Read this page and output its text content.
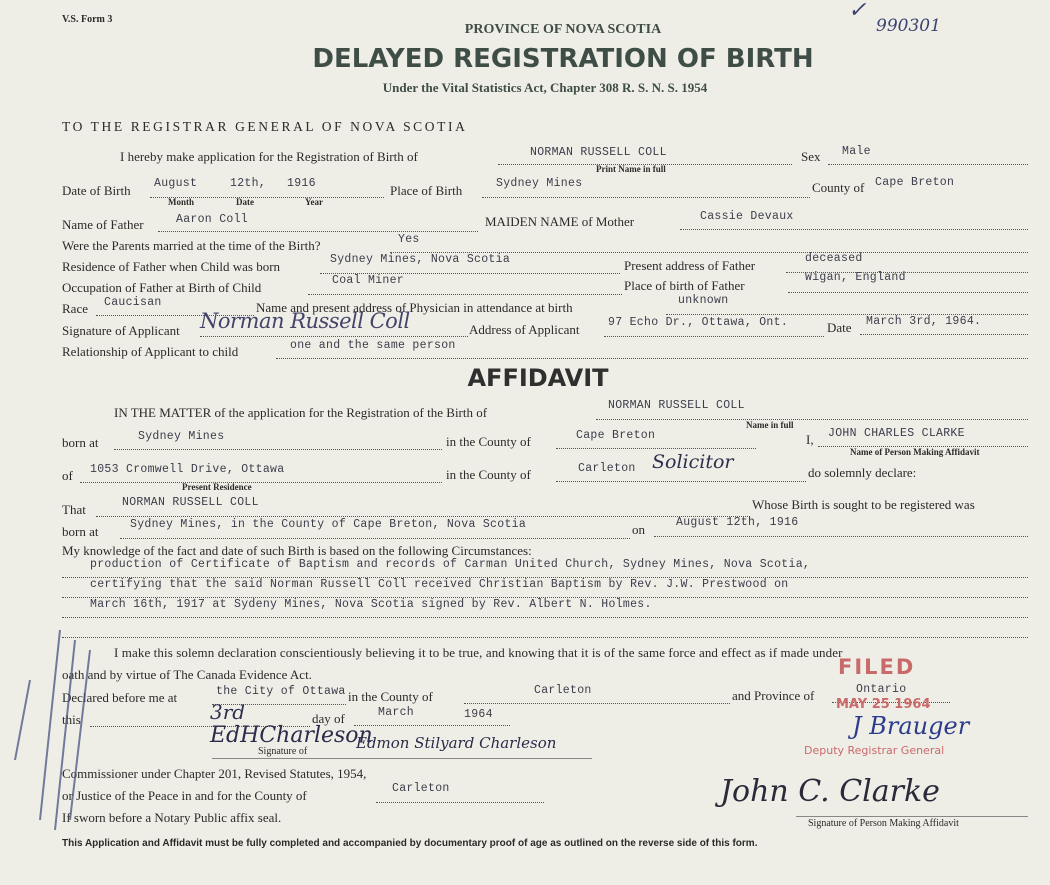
V.S. Form 3	990301
✓
PROVINCE OF NOVA SCOTIA
DELAYED REGISTRATION OF BIRTH
Under the Vital Statistics Act, Chapter 308 R. S. N. S. 1954
TO THE REGISTRAR GENERAL OF NOVA SCOTIA
I hereby make application for the Registration of Birth of	NORMAN RUSSELL COLL
Print Name in full
Sex Male
Date of Birth August	12th, 1916
Month	Date	Year
Place of Birth	Sydney Mines	County of Cape Breton
Name of Father	Aaron Coll	MAIDEN NAME of Mother	Cassie Devaux
Were the Parents married at the time of the Birth?	Yes
Residence of Father when Child was born	Sydney Mines, Nova Scotia	Present address of Father	deceased
Occupation of Father at Birth of Child	Coal Miner	Place of birth of Father
Wigan, England
Race Caucisan	Name and present address of Physician in attendance at birth	unknown
Signature of Applicant Norman Russell Coll	Address of Applicant 97 Echo Dr., Ottawa, Ont.	Date March 3rd, 1964.
Relationship of Applicant to child	one and the same person
AFFIDAVIT
IN THE MATTER of the application for the Registration of the Birth of	NORMAN RUSSELL COLL
Name in full
born at	Sydney Mines	in the County of	Cape Breton	I, JOHN CHARLES CLARKE
Name of Person Making Affidavit
of 1053 Cromwell Drive, Ottawa
Present Residence
in the County of	Carleton Solicitor	do solemnly declare:
That	NORMAN RUSSELL COLL	Whose Birth is sought to be registered was
born at	Sydney Mines, in the County of Cape Breton, Nova Scotia	on	August 12th, 1916
My knowledge of the fact and date of such Birth is based on the following Circumstances:
production of Certificate of Baptism and records of Carman United Church, Sydney Mines, Nova Scotia,
certifying that the said Norman Russell Coll received Christian Baptism by Rev. J.W. Prestwood on
March 16th, 1917 at Sydeny Mines, Nova Scotia signed by Rev. Albert N. Holmes.
I make this solemn declaration conscientiously believing it to be true, and knowing that it is of the same force and effect as if made under
oath and by virtue of The Canada Evidence Act.
Declared before me at	the City of Ottawa in the County of	Carleton	and Province of	Ontario
this	3rd	day of	March	1964
EdHCharleson
Signature of	Edmon Stilyard Charleson
Commissioner under Chapter 201, Revised Statutes, 1954,
or Justice of the Peace in and for the County of	Carleton
If sworn before a Notary Public affix seal.
John C. Clarke
Signature of Person Making Affidavit
FILED
MAY 25 1964
J Brauger
Deputy Registrar General
This Application and Affidavit must be fully completed and accompanied by documentary proof of age as outlined on the reverse side of this form.
